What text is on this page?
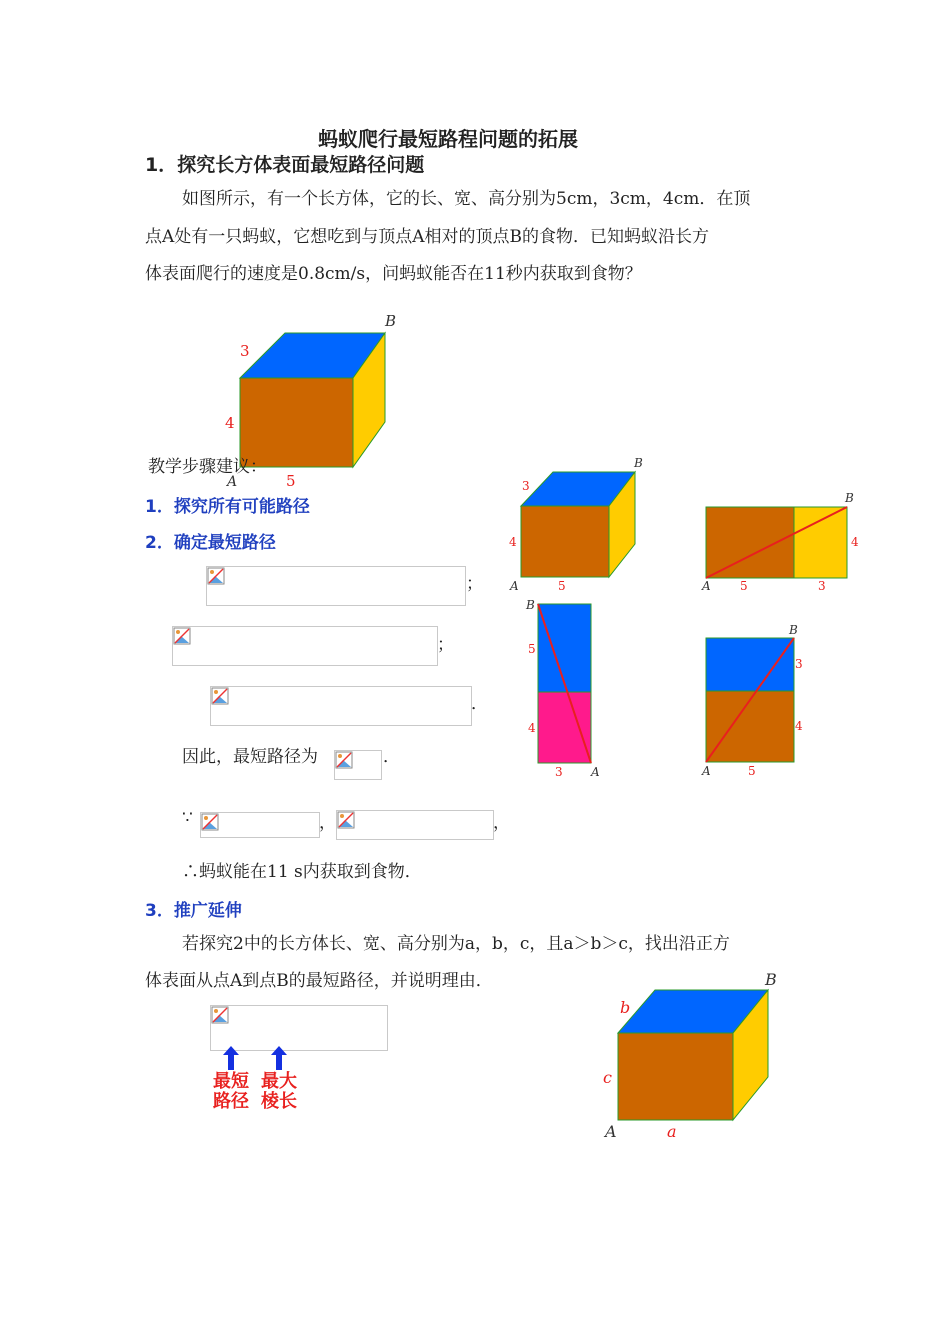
蚂蚁爬行最短路程问题的拓展
1．探究长方体表面最短路径问题
如图所示，有一个长方体，它的长、宽、高分别为5cm，3cm，4cm．在顶
点A处有一只蚂蚁，它想吃到与顶点A相对的顶点B的食物．已知蚂蚁沿长方
体表面爬行的速度是0.8cm/s，问蚂蚁能否在11秒内获取到食物？
B
3
4
A	5
教学步骤建议：
1．探究所有可能路径
2．确定最短路径
；
；
．
因此，最短路径为	．
∵	，	，
∴蚂蚁能在11 s内获取到食物．
3．推广延伸
若探究2中的长方体长、宽、高分别为a，b，c，且a＞b＞c，找出沿正方
体表面从点A到点B的最短路径，并说明理由．
最短
路径
最大
棱长
B
3
4
A	5
B
4
A 5	3
B
5
4
3 A
B
3
4
A	5
B
b
c
A	a
